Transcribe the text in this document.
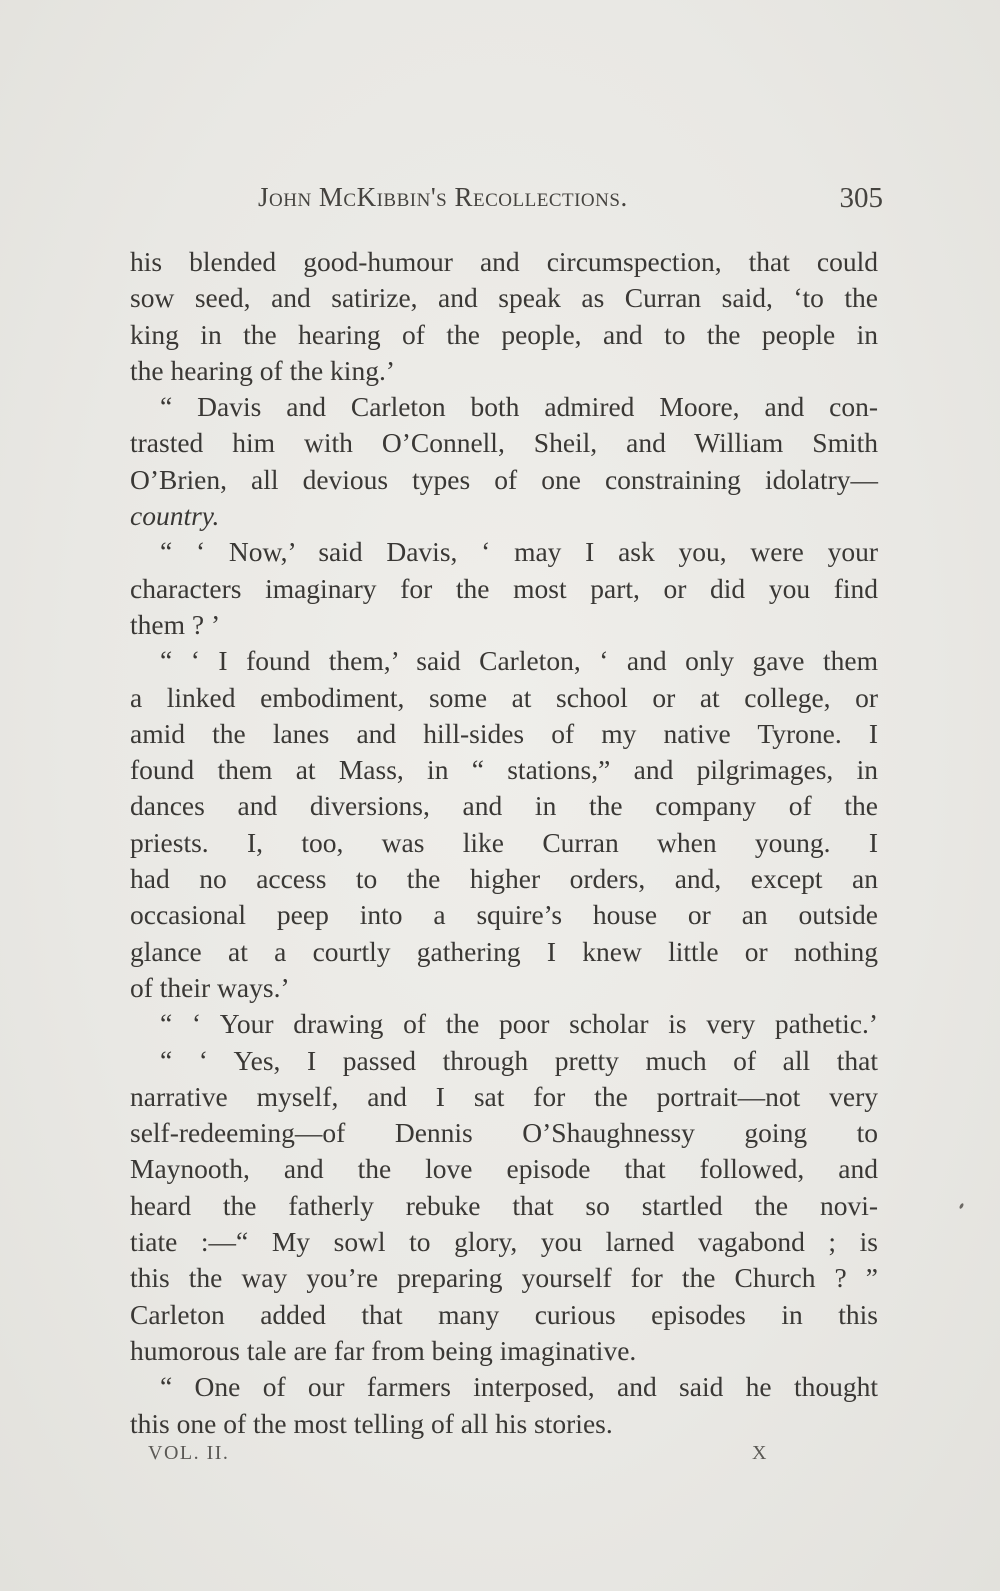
John McKibbin's Recollections.	305
his blended good-humour and circumspection, that could
sow seed, and satirize, and speak as Curran said, ‘to the
king in the hearing of the people, and to the people in
the hearing of the king.’
“ Davis and Carleton both admired Moore, and con-
trasted him with O’Connell, Sheil, and William Smith
O’Brien, all devious types of one constraining idolatry—
country.
“ ‘ Now,’ said Davis, ‘ may I ask you, were your
characters imaginary for the most part, or did you find
them ? ’
“ ‘ I found them,’ said Carleton, ‘ and only gave them
a linked embodiment, some at school or at college, or
amid the lanes and hill-sides of my native Tyrone. I
found them at Mass, in “ stations,” and pilgrimages, in
dances and diversions, and in the company of the
priests. I, too, was like Curran when young. I
had no access to the higher orders, and, except an
occasional peep into a squire’s house or an outside
glance at a courtly gathering I knew little or nothing
of their ways.’
“ ‘ Your drawing of the poor scholar is very pathetic.’
“ ‘ Yes, I passed through pretty much of all that
narrative myself, and I sat for the portrait—not very
self-redeeming—of Dennis O’Shaughnessy going to
Maynooth, and the love episode that followed, and
heard the fatherly rebuke that so startled the novi-
tiate :—“ My sowl to glory, you larned vagabond ; is
this the way you’re preparing yourself for the Church ? ”
Carleton added that many curious episodes in this
humorous tale are far from being imaginative.
“ One of our farmers interposed, and said he thought
this one of the most telling of all his stories.
VOL. II.	X
